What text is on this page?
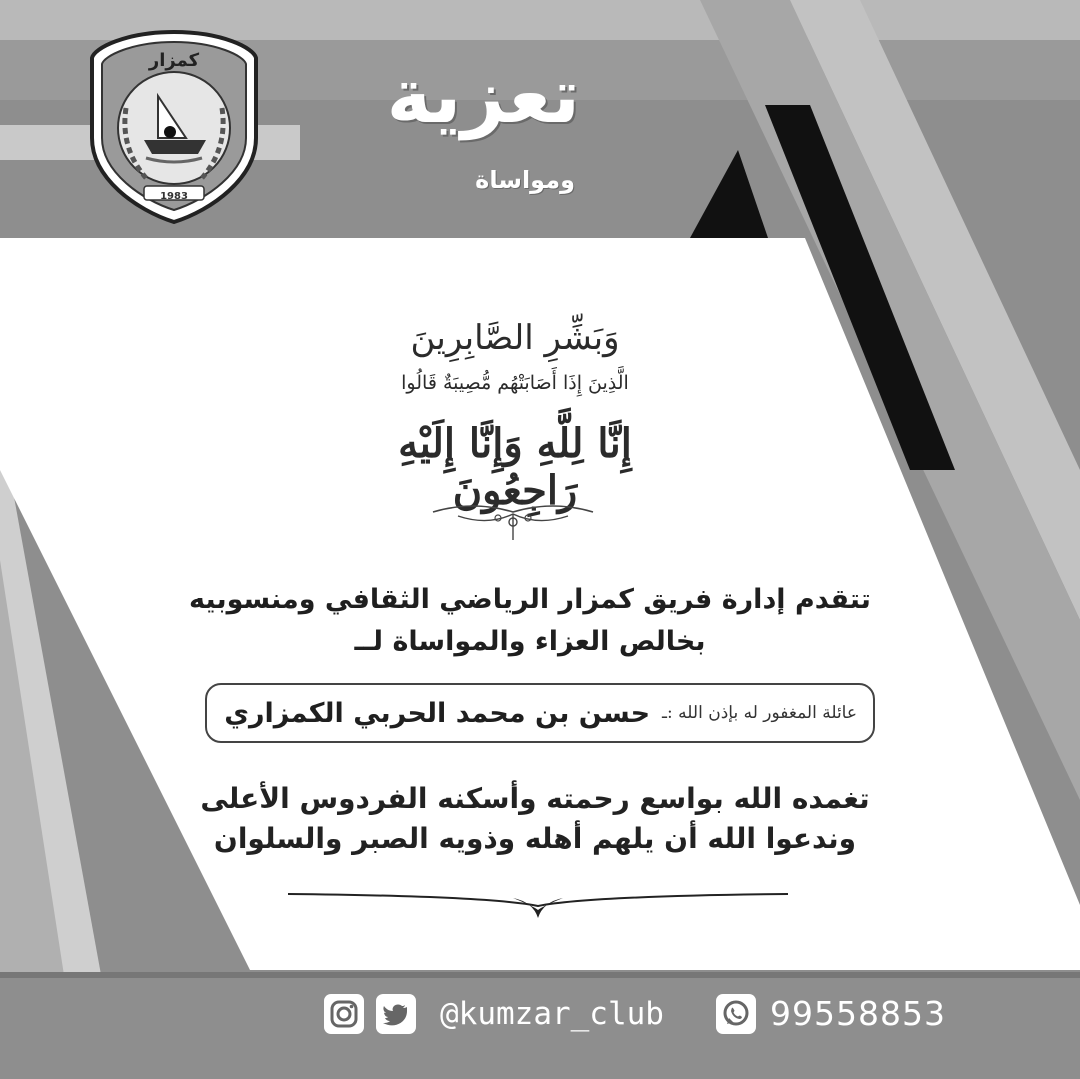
كمزار
1983
تعزية
ومواساة
وَبَشِّرِ الصَّابِرِينَ
الَّذِينَ إِذَا أَصَابَتْهُم مُّصِيبَةٌ قَالُوا
إِنَّا لِلَّهِ وَإِنَّا إِلَيْهِ رَاجِعُونَ
تتقدم إدارة فريق كمزار الرياضي الثقافي ومنسوبيه
بخالص العزاء والمواساة لــ
عائلة المغفور له بإذن الله :ـ
حسن بن محمد الحربي الكمزاري
تغمده الله بواسع رحمته وأسكنه الفردوس الأعلى
وندعوا الله أن يلهم أهله وذويه الصبر والسلوان
@kumzar_club	99558853
